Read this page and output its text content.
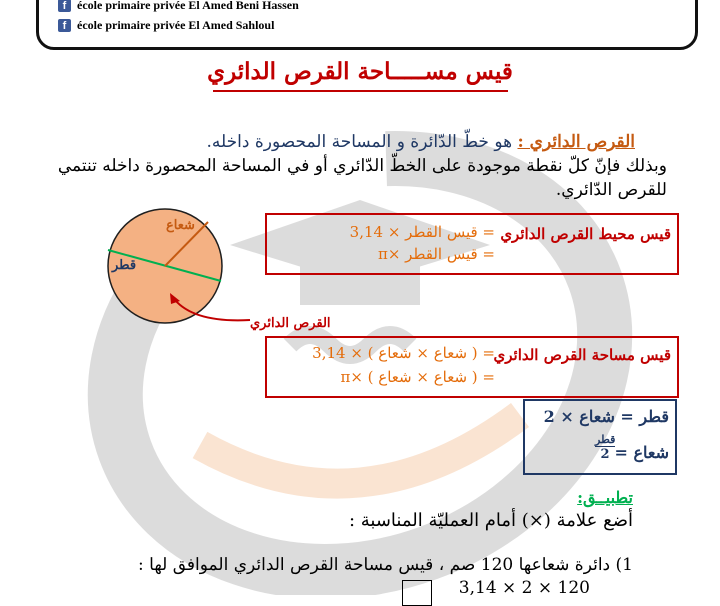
f école primaire privée El Amed Beni Hassen
f école primaire privée El Amed Sahloul
قيس مســـــاحة القرص الدائري
القرص الدائري : هو خطّ الدّائرة و المساحة المحصورة داخله.
وبذلك فإنّ كلّ نقطة موجودة على الخطّ الدّائري أو في المساحة المحصورة داخله تنتمي
للقرص الدّائري.
شعاع
قطر
القرص الدائري
قيس محيط القرص الدائري
= قيس القطر × 3,14
= قيس القطر ×π
قيس مساحة القرص الدائري
= ( شعاع × شعاع ) × 3,14
= ( شعاع × شعاع ) ×π
قطر = شعاع × 2
شعاع =
قطر
2
تطبيــق:
أضع علامة (×) أمام العمليّة المناسبة :
1) دائرة شعاعها 120 صم ، قيس مساحة القرص الدائري الموافق لها :
3,14 × 2 × 120
